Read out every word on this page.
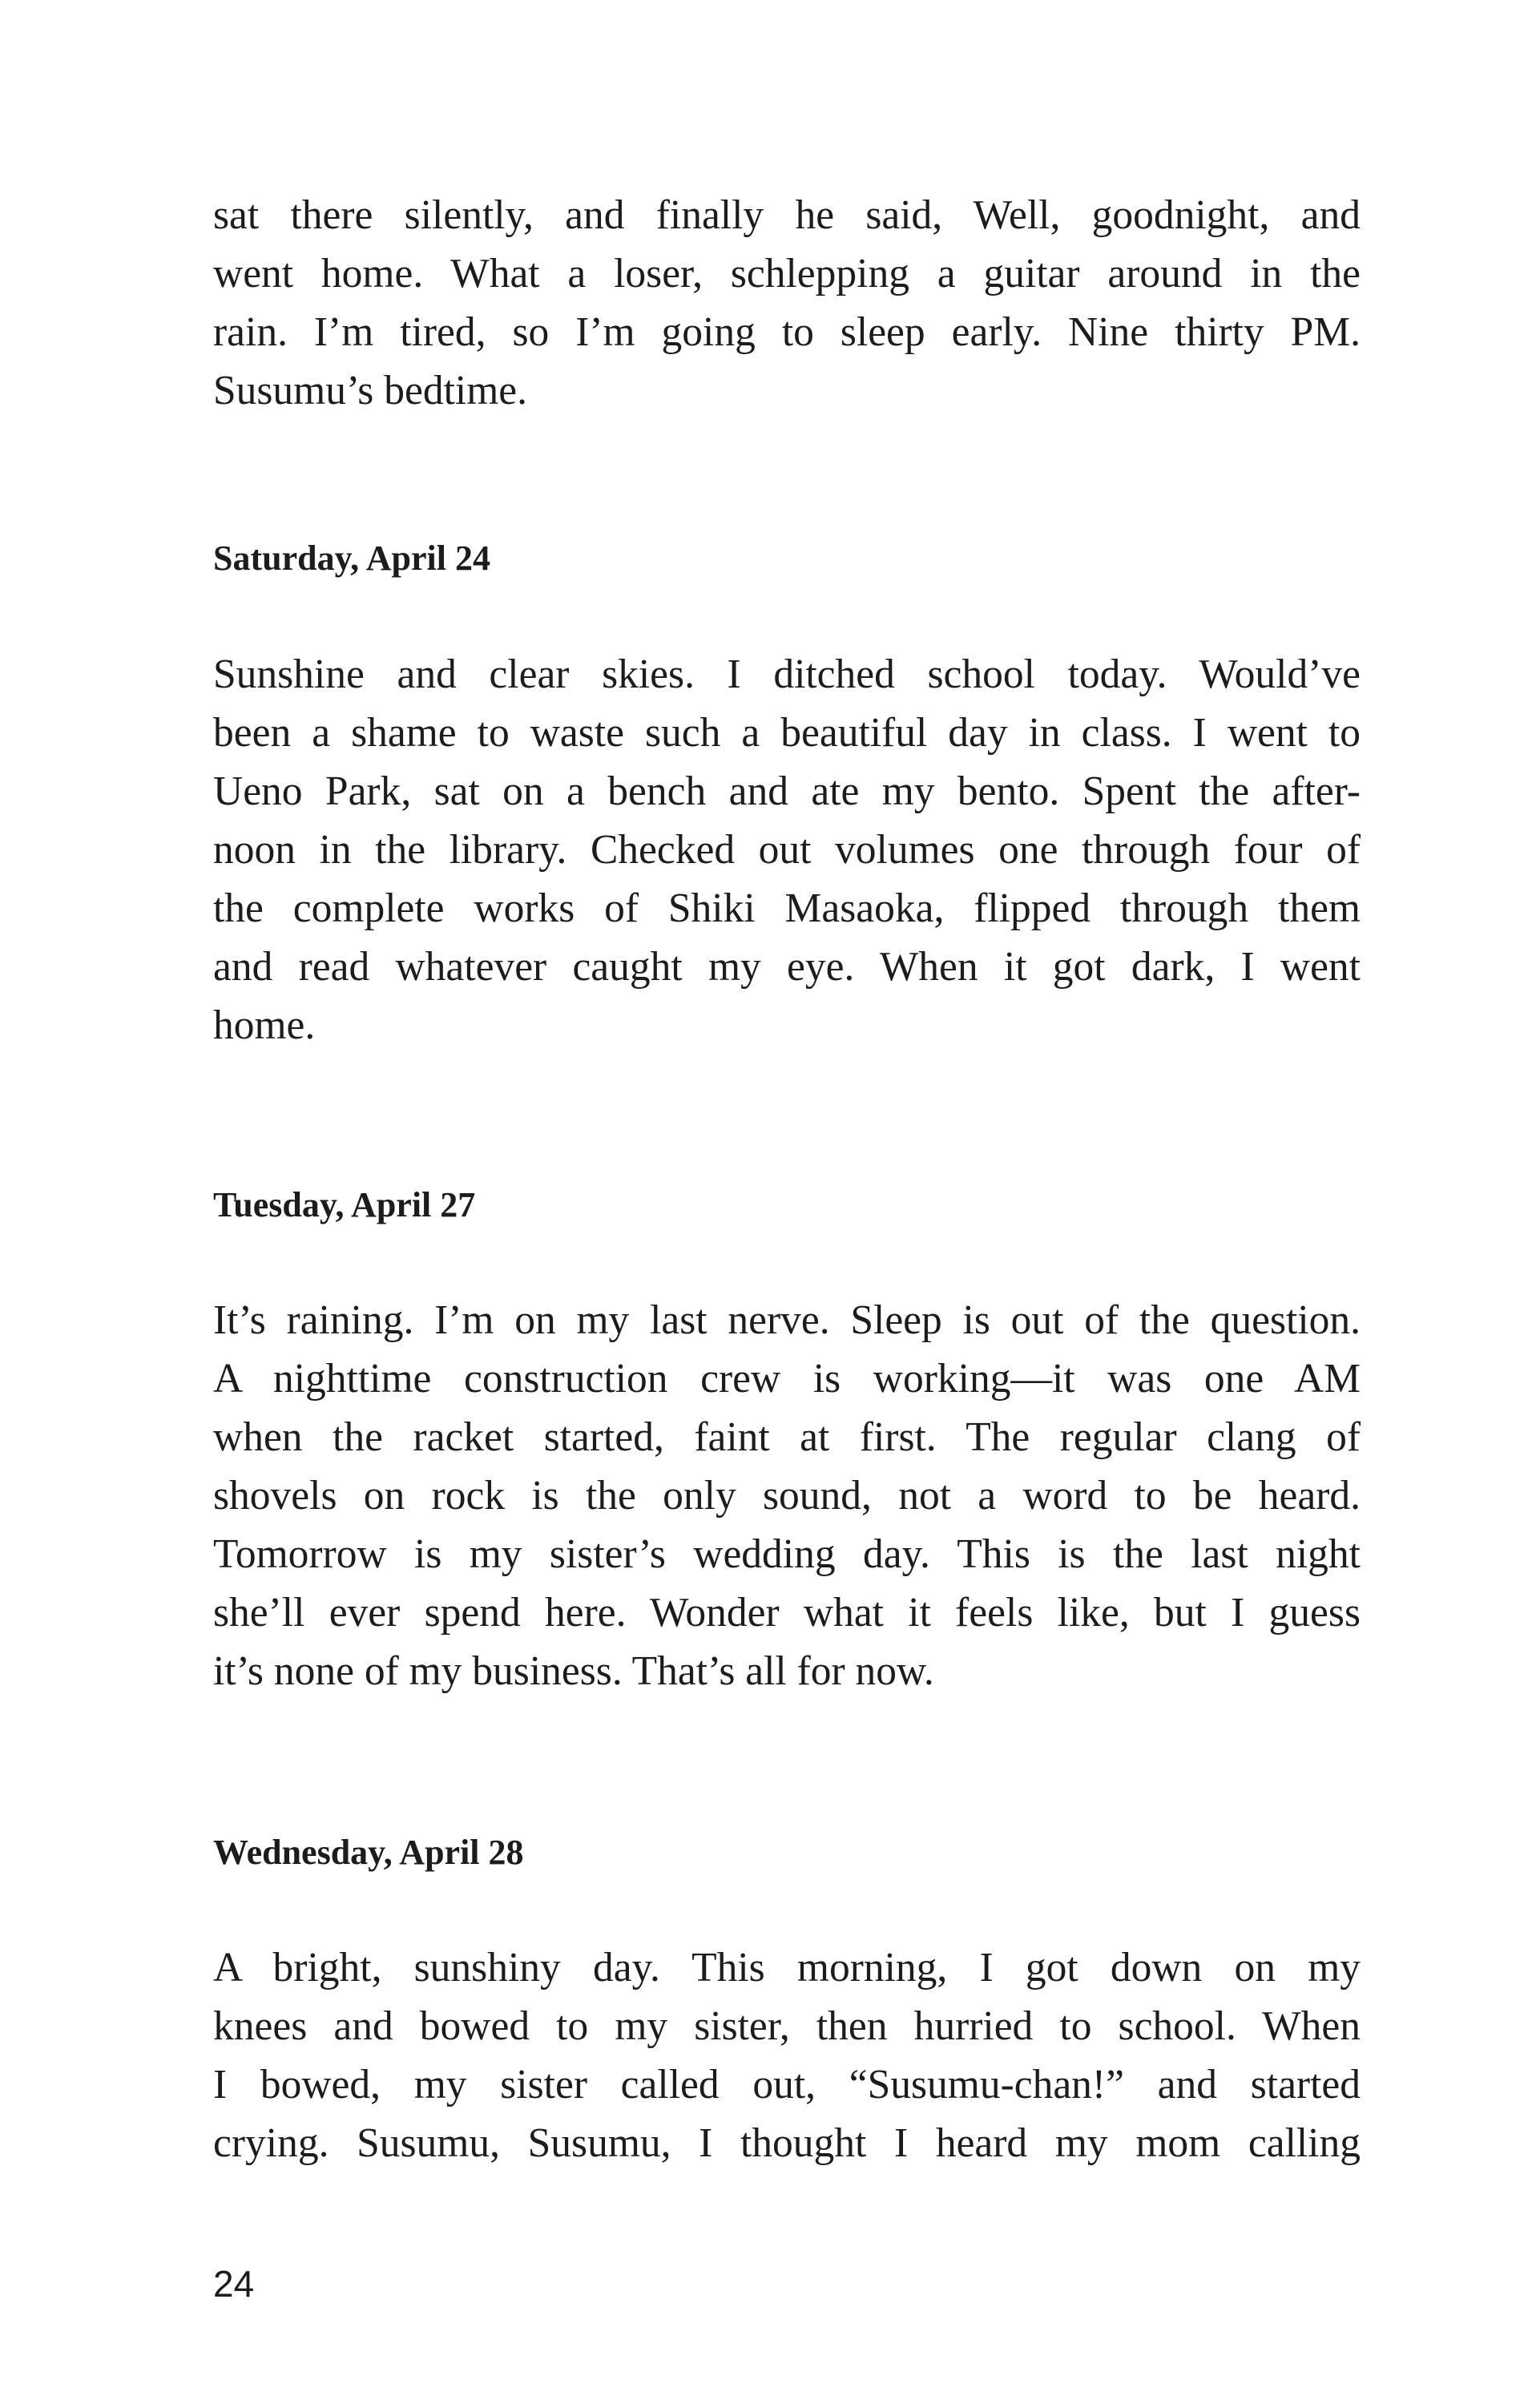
sat there silently, and finally he said, Well, goodnight, and
went home. What a loser, schlepping a guitar around in the
rain. I’m tired, so I’m going to sleep early. Nine thirty PM.
Susumu’s bedtime.

Saturday, April 24

Sunshine and clear skies. I ditched school today. Would’ve
been a shame to waste such a beautiful day in class. I went to
Ueno Park, sat on a bench and ate my bento. Spent the after-
noon in the library. Checked out volumes one through four of
the complete works of Shiki Masaoka, flipped through them
and read whatever caught my eye. When it got dark, I went
home.

Tuesday, April 27

It’s raining. I’m on my last nerve. Sleep is out of the question.
A nighttime construction crew is working—it was one AM
when the racket started, faint at first. The regular clang of
shovels on rock is the only sound, not a word to be heard.
Tomorrow is my sister’s wedding day. This is the last night
she’ll ever spend here. Wonder what it feels like, but I guess
it’s none of my business. That’s all for now.

Wednesday, April 28

A bright, sunshiny day. This morning, I got down on my
knees and bowed to my sister, then hurried to school. When
I bowed, my sister called out, “Susumu-chan!” and started
crying. Susumu, Susumu, I thought I heard my mom calling

24
